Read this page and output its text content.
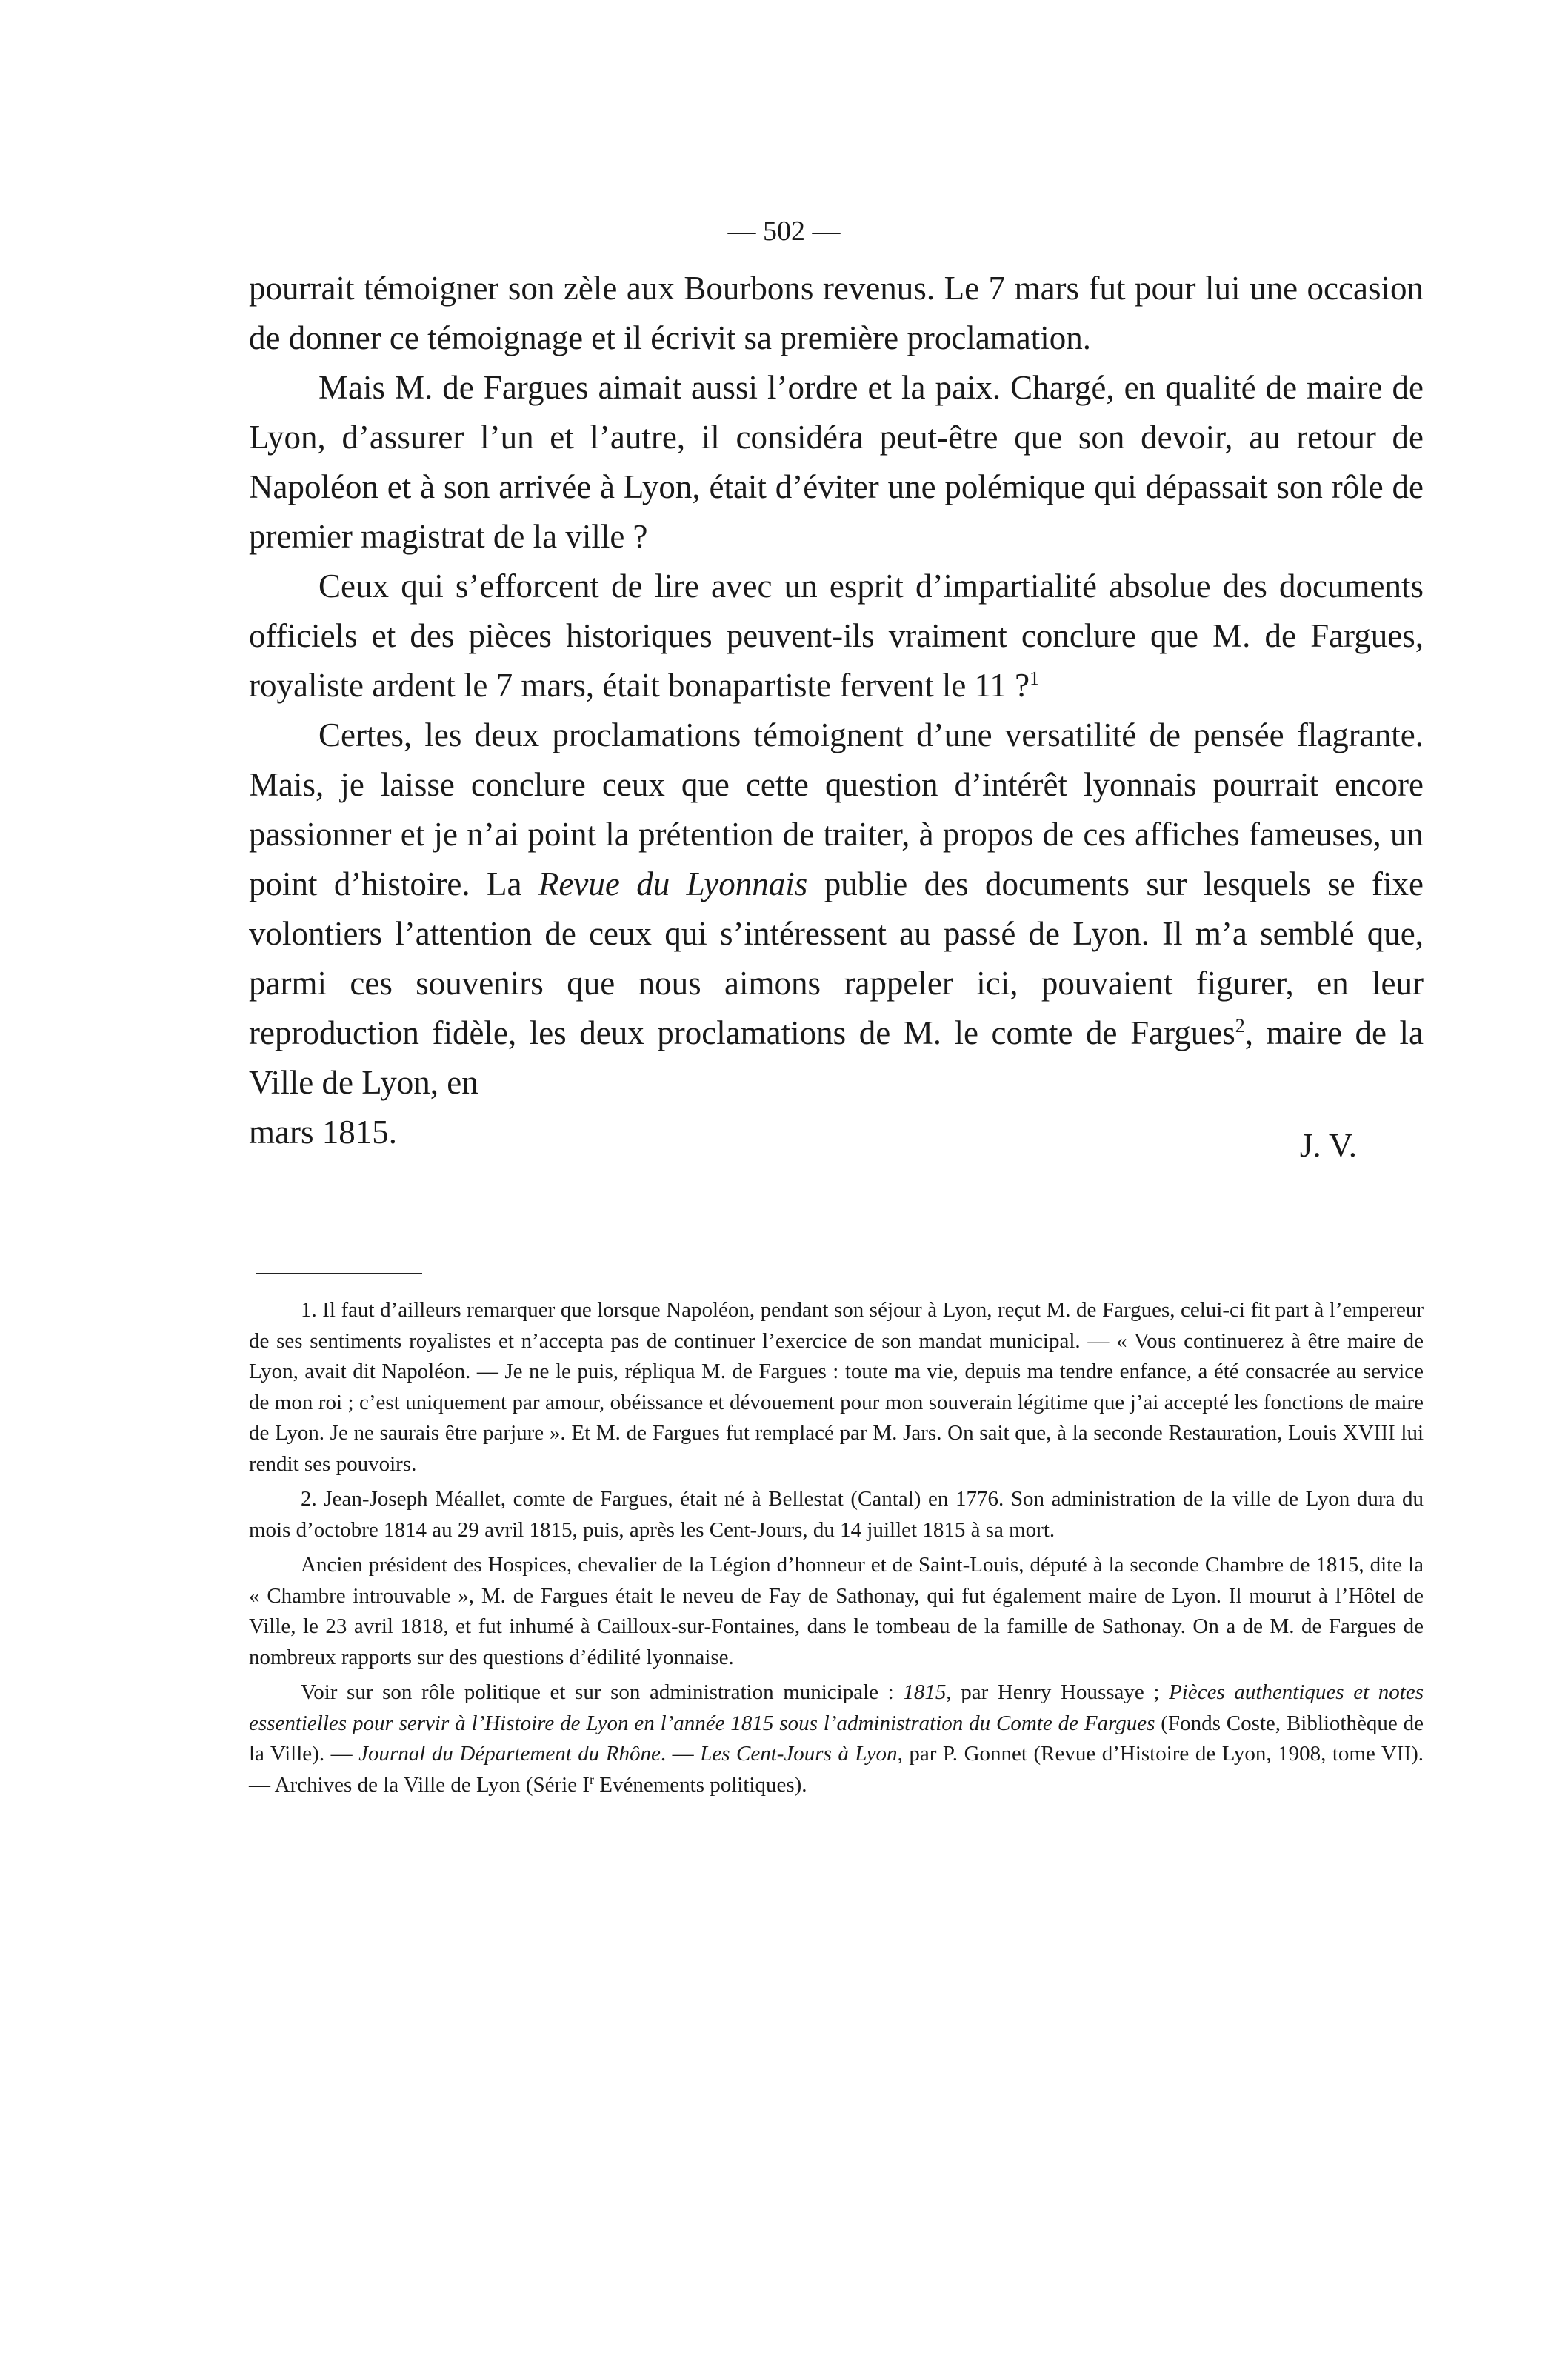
— 502 —

pourrait témoigner son zèle aux Bourbons revenus. Le 7 mars fut pour lui une occasion de donner ce témoignage et il écrivit sa première proclamation.

Mais M. de Fargues aimait aussi l’ordre et la paix. Chargé, en qualité de maire de Lyon, d’assurer l’un et l’autre, il considéra peut-être que son devoir, au retour de Napoléon et à son arrivée à Lyon, était d’éviter une polémique qui dépassait son rôle de premier magistrat de la ville ?

Ceux qui s’efforcent de lire avec un esprit d’impartialité absolue des documents officiels et des pièces historiques peuvent-ils vraiment conclure que M. de Fargues, royaliste ardent le 7 mars, était bonapartiste fervent le 11 ?$^1$

Certes, les deux proclamations témoignent d’une versatilité de pensée flagrante. Mais, je laisse conclure ceux que cette question d’intérêt lyonnais pourrait encore passionner et je n’ai point la prétention de traiter, à propos de ces affiches fameuses, un point d’histoire. La Revue du Lyonnais publie des documents sur lesquels se fixe volontiers l’attention de ceux qui s’intéressent au passé de Lyon. Il m’a semblé que, parmi ces souvenirs que nous aimons rappeler ici, pouvaient figurer, en leur reproduction fidèle, les deux proclamations de M. le comte de Fargues$^2$, maire de la Ville de Lyon, en

mars 1815.	J. V.

1. Il faut d’ailleurs remarquer que lorsque Napoléon, pendant son séjour à Lyon, reçut M. de Fargues, celui-ci fit part à l’empereur de ses sentiments royalistes et n’accepta pas de continuer l’exercice de son mandat municipal. — « Vous continuerez à être maire de Lyon, avait dit Napoléon. — Je ne le puis, répliqua M. de Fargues : toute ma vie, depuis ma tendre enfance, a été consacrée au service de mon roi ; c’est uniquement par amour, obéissance et dévouement pour mon souverain légitime que j’ai accepté les fonctions de maire de Lyon. Je ne saurais être parjure ». Et M. de Fargues fut remplacé par M. Jars. On sait que, à la seconde Restauration, Louis XVIII lui rendit ses pouvoirs.

2. Jean-Joseph Méallet, comte de Fargues, était né à Bellestat (Cantal) en 1776. Son administration de la ville de Lyon dura du mois d’octobre 1814 au 29 avril 1815, puis, après les Cent-Jours, du 14 juillet 1815 à sa mort.

Ancien président des Hospices, chevalier de la Légion d’honneur et de Saint-Louis, député à la seconde Chambre de 1815, dite la « Chambre introuvable », M. de Fargues était le neveu de Fay de Sathonay, qui fut également maire de Lyon. Il mourut à l’Hôtel de Ville, le 23 avril 1818, et fut inhumé à Cailloux-sur-Fontaines, dans le tombeau de la famille de Sathonay. On a de M. de Fargues de nombreux rapports sur des questions d’édilité lyonnaise.

Voir sur son rôle politique et sur son administration municipale : 1815, par Henry Houssaye ; Pièces authentiques et notes essentielles pour servir à l’Histoire de Lyon en l’année 1815 sous l’administration du Comte de Fargues (Fonds Coste, Bibliothèque de la Ville). — Journal du Département du Rhône. — Les Cent-Jours à Lyon, par P. Gonnet (Revue d’Histoire de Lyon, 1908, tome VII). — Archives de la Ville de Lyon (Série $I^r$ Evénements politiques).
